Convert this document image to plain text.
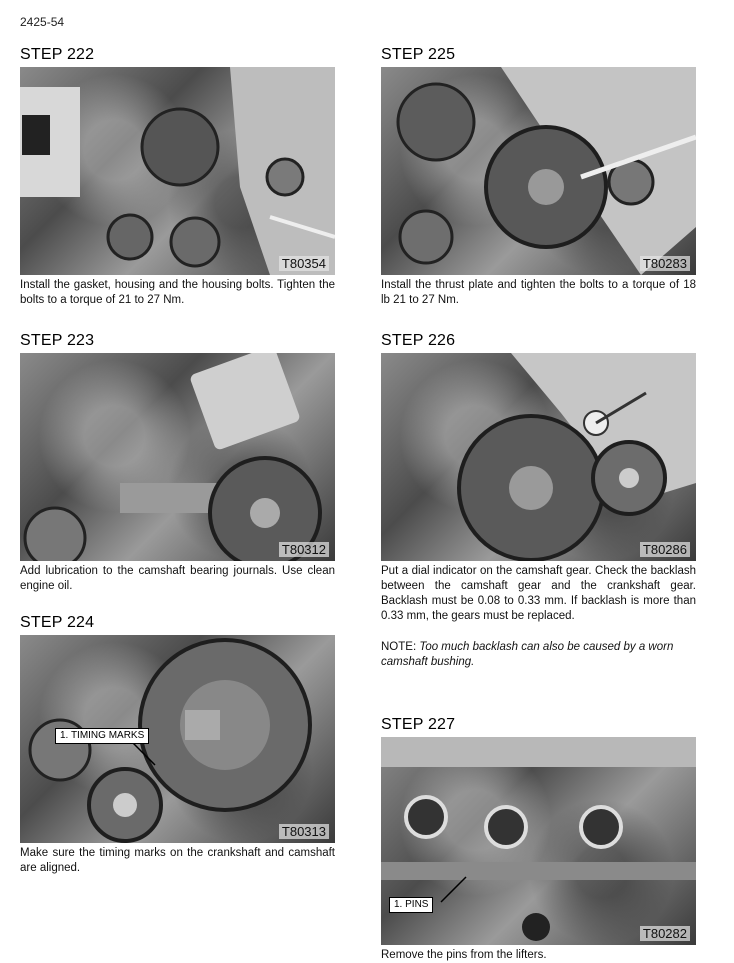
2425-54
STEP 222
T80354

Install the gasket, housing and the housing bolts. Tighten the bolts to a torque of 21 to 27 Nm.

STEP 223
T80312

Add lubrication to the camshaft bearing journals. Use clean engine oil.

STEP 224
1. TIMING MARKS
T80313

Make sure the timing marks on the crankshaft and camshaft are aligned.

STEP 225
T80283

Install the thrust plate and tighten the bolts to a torque of 18 lb 21 to 27 Nm.

STEP 226
T80286

Put a dial indicator on the camshaft gear. Check the backlash between the camshaft gear and the crankshaft gear. Backlash must be 0.08 to 0.33 mm. If backlash is more than 0.33 mm, the gears must be replaced.

NOTE: Too much backlash can also be caused by a worn camshaft bushing.

STEP 227
1. PINS
T80282

Remove the pins from the lifters.
